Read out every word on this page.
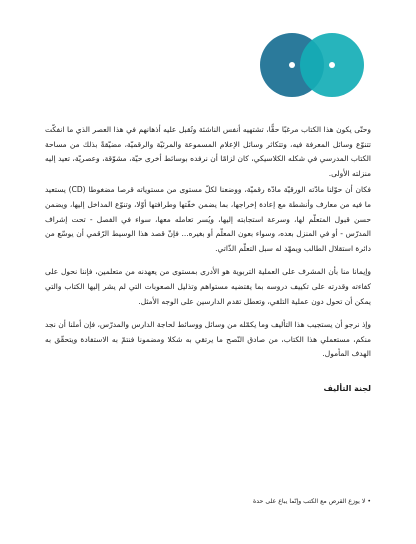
وحتّى يكون هذا الكتاب مرغبًا حقًّا، تشتهيه أنفس الناشئة وتُقبل عليه أذهانهم في هذا العصر الذي ما انفكّت تتنوّع وسائل المعرفة فيه، وتتكاثر وسائل الإعلام المسموعة والمرئيّة والرقميّة، مضيّقةً بذلك من مساحة الكتاب المدرسي في شكله الكلاسيكي، كان لزامًا أن نرفده بوسائط أخرى حيّة، مشوّقة، وعصريّة، تعيد إليه منزلته الأولى.

فكان أن حوّلنا مادّته الورقيّة مادّة رقميّة، ووضعنا لكلّ مستوى من مستوياته قرصا مضغوطا (CD) يستعيد ما فيه من معارف وأنشطة مع إعادة إخراجها، بما يضمن خفّتها وطرافتها أوّلا، وتنوّع المداخل إليها، ويضمن حسن قبول المتعلّم لها، وسرعة استجابته إليها، ويُسر تعامله معها، سواء في الفصل - تحت إشراف المدرّس - أو في المنزل بعده، وسواء بعون المعلّم أو بغيره... فإنّ قصد هذا الوسيط الرّقمي أن يوسّع من دائرة استقلال الطالب ويمهّد له سبل التعلّم الذّاتي.

وإيمانا منا بأن المشرف على العملية التربوية هو الأدرى بمستوى من يعهدنه من متعلمين، فإننا نحول على كفاءته وقدرته على تكييف دروسه بما يقتضيه مستواهم وتذليل الصعوبات التي لم يشر إليها الكتاب والتي يمكن أن تحول دون عملية التلقي، وتعطل تقدم الدارسين على الوجه الأمثل.

وإذ نرجو أن يستجيب هذا التأليف وما يكمّله من وسائل ووسائط لحاجة الدارس والمدرّس، فإن أملنا أن نجد منكم، مستعملي هذا الكتاب، من صادق النّصح ما يرتقي به شكلا ومضمونا فنتمّ به الاستفادة ويتحقّق به الهدف المأمول.

لجنة التأليف
• لا يوزع القرص مع الكتب وإنّما يباع على حدة
